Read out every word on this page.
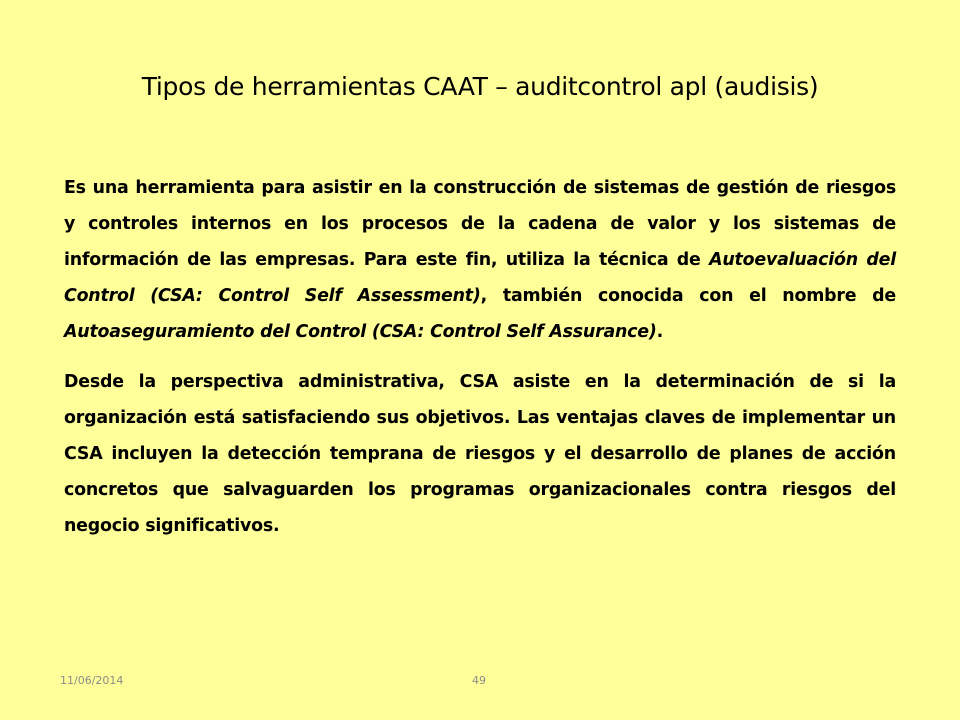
Tipos de herramientas CAAT – auditcontrol apl (audisis)

Es una herramienta para asistir en la construcción de sistemas de gestión de riesgos y controles internos en los procesos de la cadena de valor y los sistemas de información de las empresas. Para este fin, utiliza la técnica de Autoevaluación del Control (CSA: Control Self Assessment), también conocida con el nombre de Autoaseguramiento del Control (CSA: Control Self Assurance).

Desde la perspectiva administrativa, CSA asiste en la determinación de si la organización está satisfaciendo sus objetivos. Las ventajas claves de implementar un CSA incluyen la detección temprana de riesgos y el desarrollo de planes de acción concretos que salvaguarden los programas organizacionales contra riesgos del negocio significativos.

11/06/2014	49
